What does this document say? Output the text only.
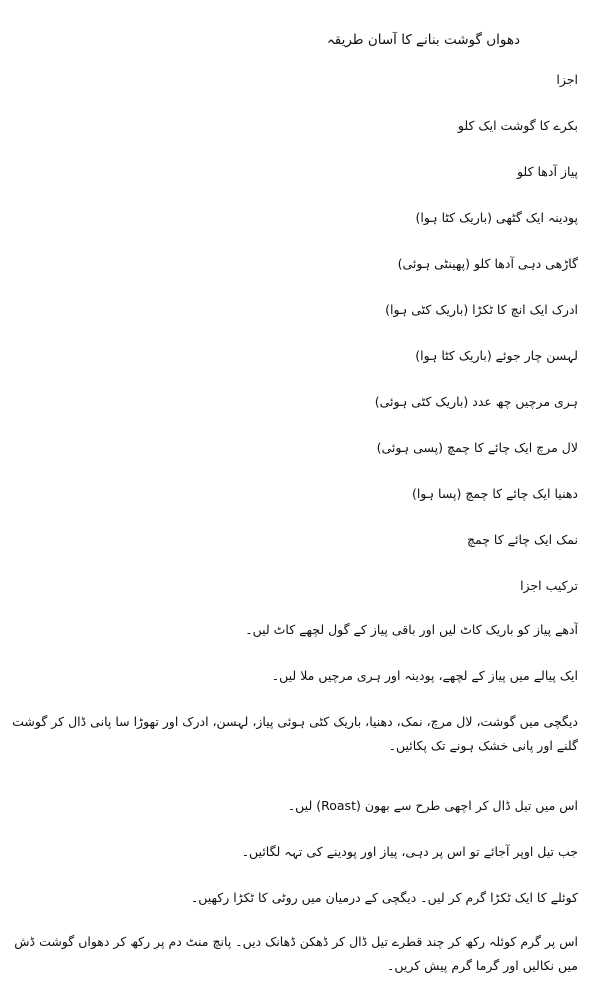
دھواں گوشت بنانے کا آسان طریقہ
اجزا
بکرے کا گوشت ایک کلو
پیاز آدھا کلو
پودینہ ایک گٹھی (باریک کٹا ہوا)
گاڑھی دہی آدھا کلو (پھینٹی ہوئی)
ادرک ایک انچ کا ٹکڑا (باریک کٹی ہوا)
لہسن چار جوئے (باریک کٹا ہوا)
ہری مرچیں چھ عدد (باریک کٹی ہوئی)
لال مرچ ایک چائے کا چمچ (پسی ہوئی)
دھنیا ایک چائے کا چمچ (پسا ہوا)
نمک ایک چائے کا چمچ
ترکیب اجزا
آدھے پیاز کو باریک کاٹ لیں اور باقی پیاز کے گول لچھے کاٹ لیں۔
ایک پیالے میں پیاز کے لچھے، پودینہ اور ہری مرچیں ملا لیں۔
دیگچی میں گوشت، لال مرچ، نمک، دھنیا، باریک کٹی ہوئی پیاز، لہسن، ادرک اور تھوڑا سا پانی ڈال کر گوشت گلنے اور پانی خشک ہونے تک پکائیں۔
اس میں تیل ڈال کر اچھی طرح سے بھون (Roast) لیں۔
جب تیل اوپر آجائے تو اس پر دہی، پیاز اور پودینے کی تہہ لگائیں۔
کوئلے کا ایک ٹکڑا گرم کر لیں۔ دیگچی کے درمیان میں روٹی کا ٹکڑا رکھیں۔
اس پر گرم کوئلہ رکھ کر چند قطرے تیل ڈال کر ڈھکن ڈھانک دیں۔ پانچ منٹ دم پر رکھ کر دھواں گوشت ڈش میں نکالیں اور گرما گرم پیش کریں۔
